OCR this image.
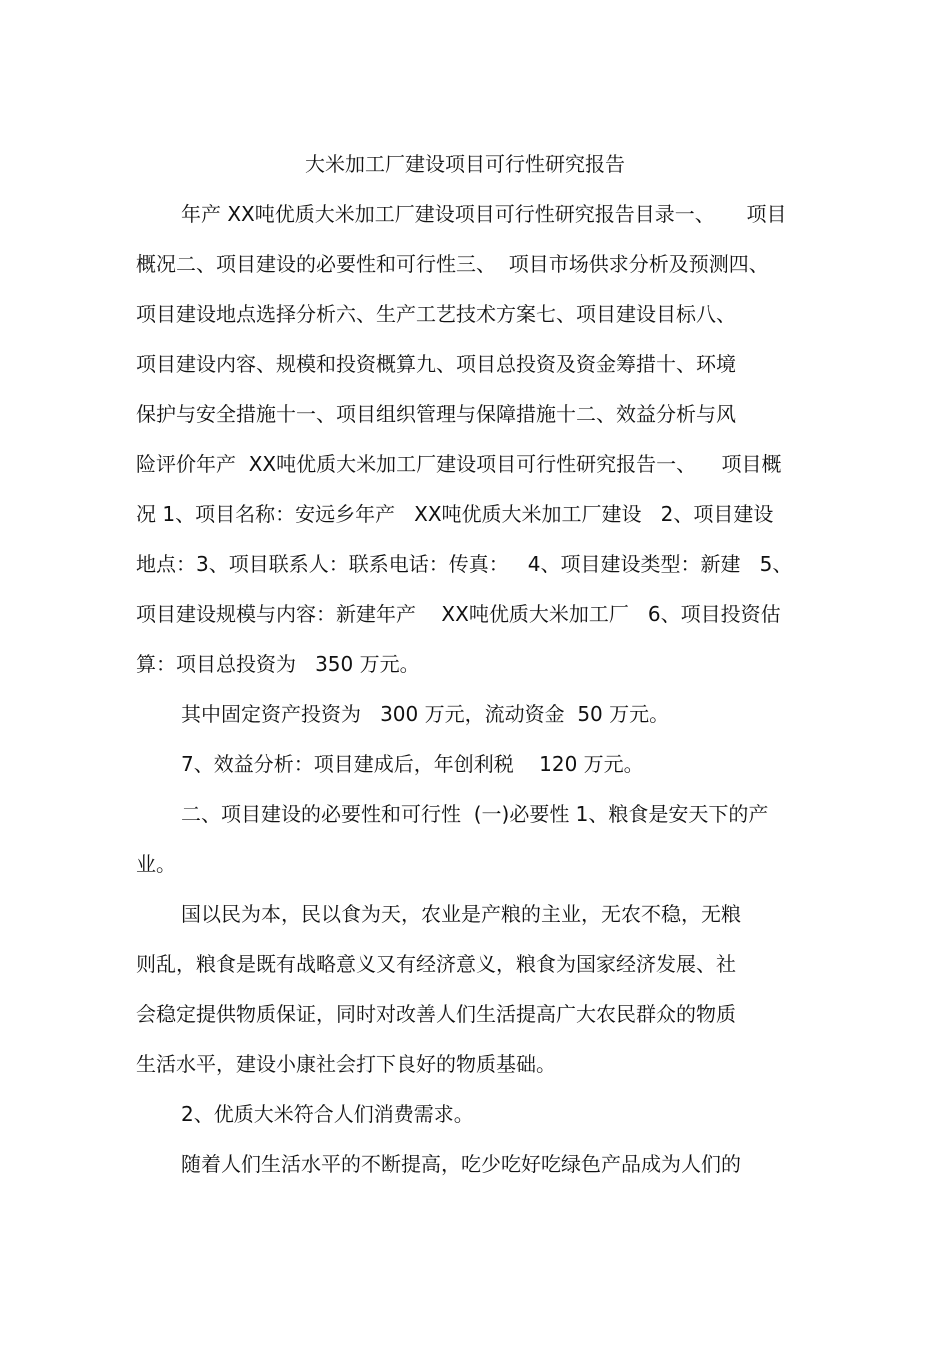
大米加工厂建设项目可行性研究报告
年产 XX吨优质大米加工厂建设项目可行性研究报告目录一、     项目
概况二、项目建设的必要性和可行性三、  项目市场供求分析及预测四、
项目建设地点选择分析六、生产工艺技术方案七、项目建设目标八、
项目建设内容、规模和投资概算九、项目总投资及资金筹措十、环境
保护与安全措施十一、项目组织管理与保障措施十二、效益分析与风
险评价年产  XX吨优质大米加工厂建设项目可行性研究报告一、    项目概
况 1、项目名称：安远乡年产   XX吨优质大米加工厂建设   2、项目建设
地点：3、项目联系人：联系电话：传真：   4、项目建设类型：新建   5、
项目建设规模与内容：新建年产    XX吨优质大米加工厂   6、项目投资估
算：项目总投资为   350 万元。
其中固定资产投资为   300 万元，流动资金  50 万元。
7、效益分析：项目建成后，年创利税    120 万元。
二、项目建设的必要性和可行性  (一)必要性 1、粮食是安天下的产
业。
国以民为本，民以食为天，农业是产粮的主业，无农不稳，无粮
则乱，粮食是既有战略意义又有经济意义，粮食为国家经济发展、社
会稳定提供物质保证，同时对改善人们生活提高广大农民群众的物质
生活水平，建设小康社会打下良好的物质基础。
2、优质大米符合人们消费需求。
随着人们生活水平的不断提高，吃少吃好吃绿色产品成为人们的
